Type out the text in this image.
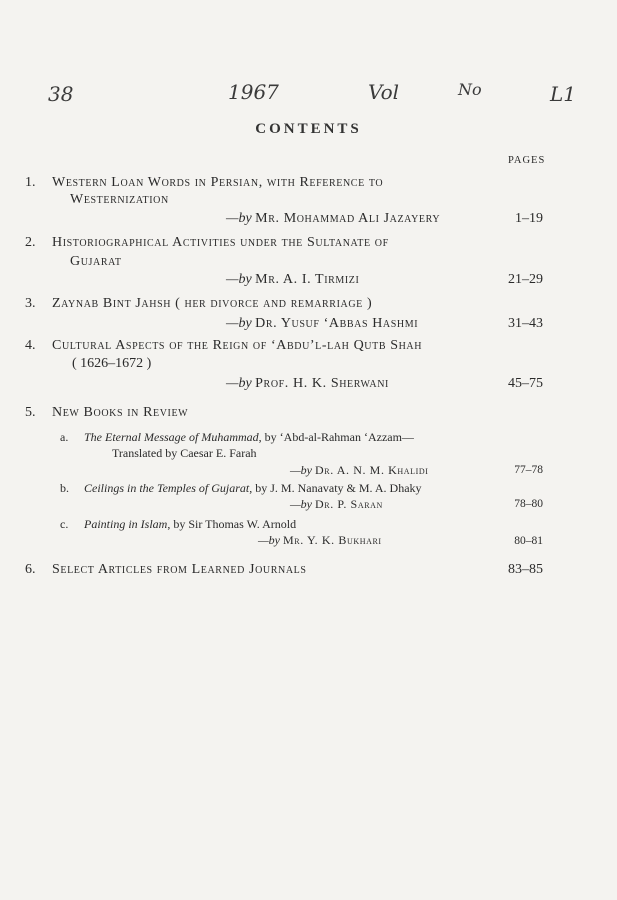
38	1967	Vol	No	L1
CONTENTS
PAGES
1. Western Loan Words in Persian, with Reference to
Westernization
—by Mr. Mohammad Ali Jazayery	1–19
2. Historiographical Activities under the Sultanate of
Gujarat
—by Mr. A. I. Tirmizi	21–29
3. Zaynab Bint Jahsh ( her divorce and remarriage )
—by Dr. Yusuf ‘Abbas Hashmi	31–43
4. Cultural Aspects of the Reign of ‘Abdu’l-lah Qutb Shah
( 1626–1672 )
—by Prof. H. K. Sherwani	45–75
5. New Books in Review
a. The Eternal Message of Muhammad, by ‘Abd-al-Rahman ‘Azzam—
Translated by Caesar E. Farah
—by Dr. A. N. M. Khalidi	77–78
b. Ceilings in the Temples of Gujarat, by J. M. Nanavaty & M. A. Dhaky
—by Dr. P. Saran	78–80
c. Painting in Islam, by Sir Thomas W. Arnold
—by Mr. Y. K. Bukhari	80–81
6. Select Articles from Learned Journals	83–85
